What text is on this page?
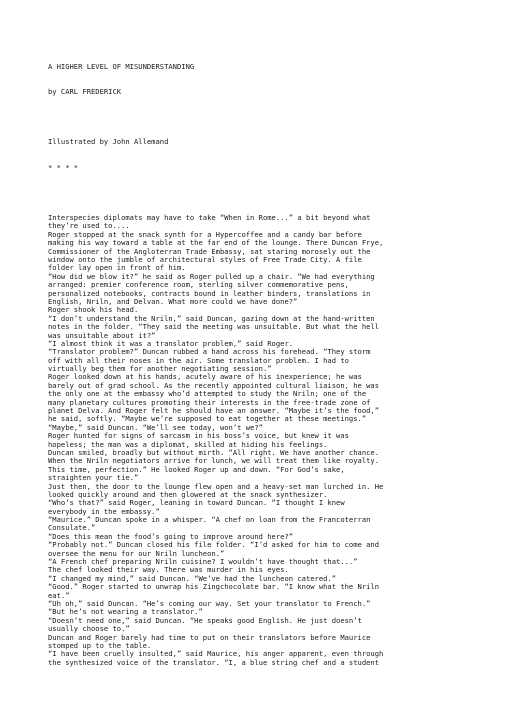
A HIGHER LEVEL OF MISUNDERSTANDING

by CARL FREDERICK

Illustrated by John Allemand

* * * *

Interspecies diplomats may have to take “When in Rome...” a bit beyond what
they’re used to....
Roger stopped at the snack synth for a Hypercoffee and a candy bar before
making his way toward a table at the far end of the lounge. There Duncan Frye,
Commissioner of the Angloterran Trade Embassy, sat staring morosely out the
window onto the jumble of architectural styles of Free Trade City. A file
folder lay open in front of him.
“How did we blow it?” he said as Roger pulled up a chair. “We had everything
arranged: premier conference room, sterling silver commemorative pens,
personalized notebooks, contracts bound in leather binders, translations in
English, Nriln, and Delvan. What more could we have done?”
Roger shook his head.
“I don’t understand the Nriln,” said Duncan, gazing down at the hand-written
notes in the folder. “They said the meeting was unsuitable. But what the hell
was unsuitable about it?”
“I almost think it was a translator problem,” said Roger.
“Translator problem?” Duncan rubbed a hand across his forehead. “They storm
off with all their noses in the air. Some translator problem. I had to
virtually beg them for another negotiating session.”
Roger looked down at his hands, acutely aware of his inexperience; he was
barely out of grad school. As the recently appointed cultural liaison, he was
the only one at the embassy who’d attempted to study the Nriln; one of the
many planetary cultures promoting their interests in the free-trade zone of
planet Delva. And Roger felt he should have an answer. “Maybe it’s the food,”
he said, softly. “Maybe we’re supposed to eat together at these meetings.”
“Maybe,” said Duncan. “We’ll see today, won’t we?”
Roger hunted for signs of sarcasm in his boss’s voice, but knew it was
hopeless; the man was a diplomat, skilled at hiding his feelings.
Duncan smiled, broadly but without mirth. “All right. We have another chance.
When the Nriln negotiators arrive for lunch, we will treat them like royalty.
This time, perfection.” He looked Roger up and down. “For God’s sake,
straighten your tie.”
Just then, the door to the lounge flew open and a heavy-set man lurched in. He
looked quickly around and then glowered at the snack synthesizer.
“Who’s that?” said Roger, leaning in toward Duncan. “I thought I knew
everybody in the embassy.”
“Maurice.” Duncan spoke in a whisper. “A chef on loan from the Francoterran
Consulate.”
“Does this mean the food’s going to improve around here?”
“Probably not.” Duncan closed his file folder. “I’d asked for him to come and
oversee the menu for our Nriln luncheon.”
“A French chef preparing Nriln cuisine? I wouldn’t have thought that...”
The chef looked their way. There was murder in his eyes.
“I changed my mind,” said Duncan. “We’ve had the luncheon catered.”
“Good.” Roger started to unwrap his Zingchocolate bar. “I know what the Nriln
eat.”
“Uh oh,” said Duncan. “He’s coming our way. Set your translator to French.”
“But he’s not wearing a translator.”
“Doesn’t need one,” said Duncan. “He speaks good English. He just doesn’t
usually choose to.”
Duncan and Roger barely had time to put on their translators before Maurice
stomped up to the table.
“I have been cruelly insulted,” said Maurice, his anger apparent, even through
the synthesized voice of the translator. “I, a blue string chef and a student
